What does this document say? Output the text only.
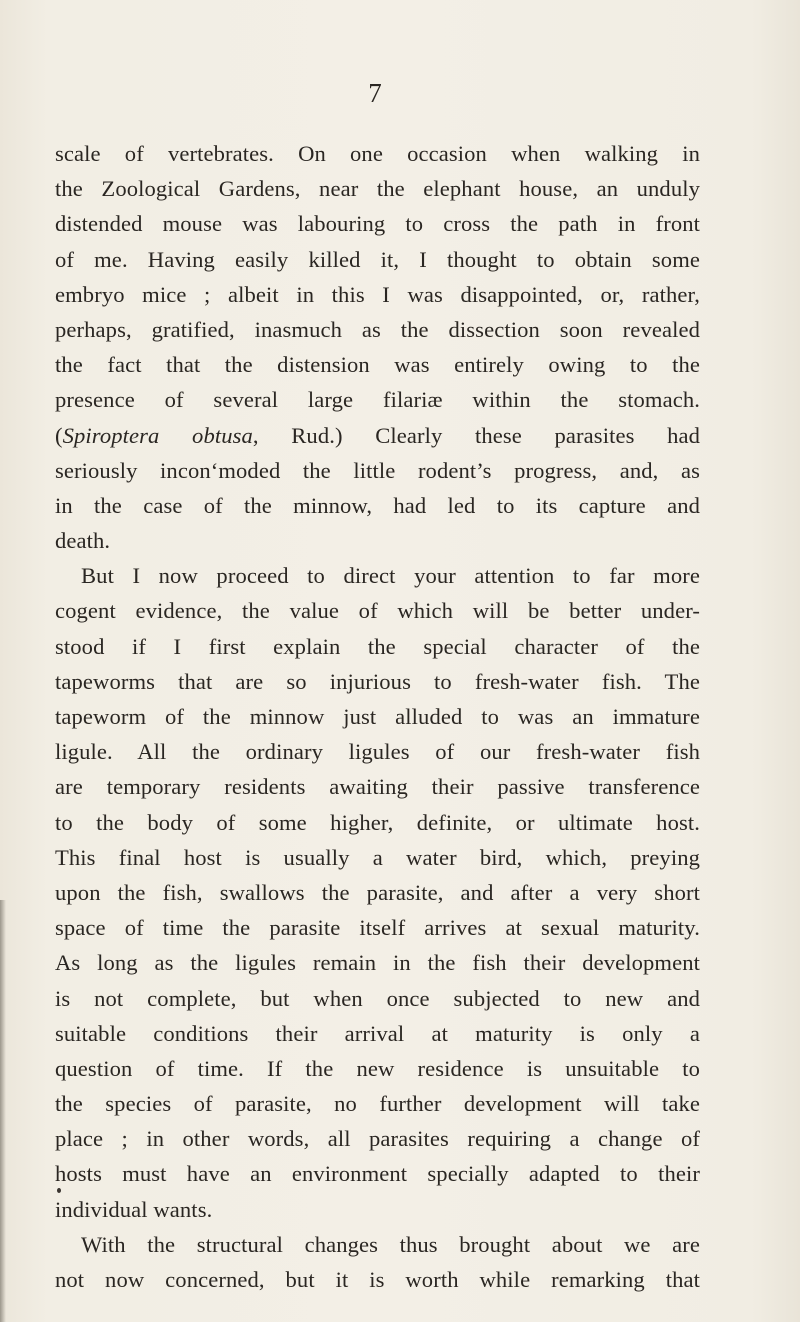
7
scale of vertebrates. On one occasion when walking in
the Zoological Gardens, near the elephant house, an unduly
distended mouse was labouring to cross the path in front
of me. Having easily killed it, I thought to obtain some
embryo mice ; albeit in this I was disappointed, or, rather,
perhaps, gratified, inasmuch as the dissection soon revealed
the fact that the distension was entirely owing to the
presence of several large filariæ within the stomach.
(Spiroptera obtusa, Rud.) Clearly these parasites had
seriously incon‘moded the little rodent’s progress, and, as
in the case of the minnow, had led to its capture and
death.
But I now proceed to direct your attention to far more
cogent evidence, the value of which will be better under-
stood if I first explain the special character of the
tapeworms that are so injurious to fresh-water fish. The
tapeworm of the minnow just alluded to was an immature
ligule. All the ordinary ligules of our fresh-water fish
are temporary residents awaiting their passive transference
to the body of some higher, definite, or ultimate host.
This final host is usually a water bird, which, preying
upon the fish, swallows the parasite, and after a very short
space of time the parasite itself arrives at sexual maturity.
As long as the ligules remain in the fish their development
is not complete, but when once subjected to new and
suitable conditions their arrival at maturity is only a
question of time. If the new residence is unsuitable to
the species of parasite, no further development will take
place ; in other words, all parasites requiring a change of
hosts must have an environment specially adapted to their
individual wants.
With the structural changes thus brought about we are
not now concerned, but it is worth while remarking that
